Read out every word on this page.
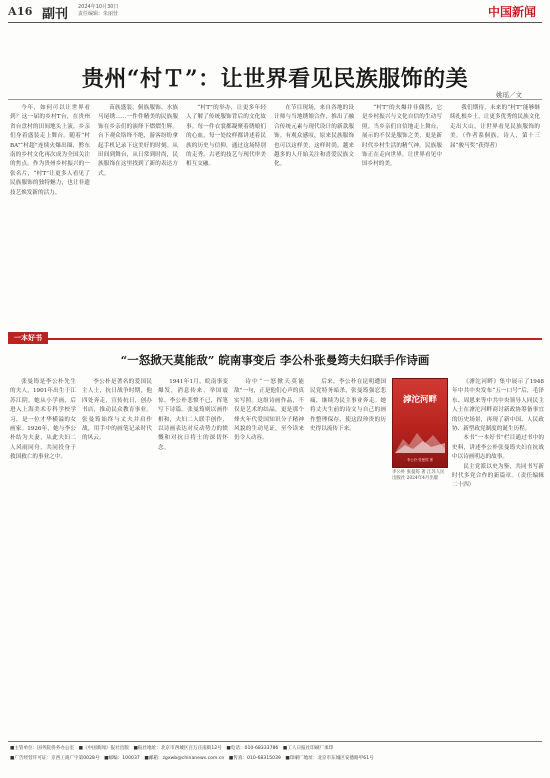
A16 副刊 2024年10月30日
责任编辑：朱丽营	中国新闻
贵州“村Ｔ”：让世界看见民族服饰的美
姚瑶／文

今年，如何可以让世界看到？这一届的乡村T台，在贵州省台盘村的田间地头上演，乡亲们身着盛装走上舞台。随着“村BA”“村超”连续火爆出圈，黔东南的乡村文化再次成为全国关注的焦点。作为贵州乡村振兴的一张名片，“村T”让更多人看见了民族服饰的独特魅力，也让非遗技艺焕发新的活力。

苗族盛装、侗族服饰、水族马尾绣……一件件精美的民族服饰在乡亲们的演绎下熠熠生辉。台下观众络绎不绝，游客纷纷拿起手机记录下这美好的时刻。从田间到舞台，从日常到时尚，民族服饰在这里找到了新的表达方式。

“村T”的举办，让更多年轻人了解了传统服饰背后的文化故事。每一件衣裳都凝聚着绣娘们的心血，每一处纹样都讲述着民族的历史与信仰。通过这场特别的走秀，古老的技艺与现代审美相互交融。

在节目现场，来自各地的设计师与当地绣娘合作，推出了融合传统元素与现代设计的新款服饰。有观众感叹，原来民族服饰也可以这样美，这样时尚。越来越多的人开始关注和喜爱民族文化。

“村T”的火爆并非偶然，它是乡村振兴与文化自信的生动写照。当乡亲们自信地走上舞台，展示的不仅是服饰之美，更是新时代乡村生活的精气神。民族服饰正在走向世界，让世界看见中国乡村的美。

我们期待，未来的“村T”能够继续扎根乡土，让更多优秀的民族文化走出大山，让世界看见民族服饰的美。（作者系侗族，诗人，第十三届“骏马奖”获得者）

一本好书
“一怒掀天莫能敌” 皖南事变后 李公朴张曼筠夫妇联手作诗画

张曼筠是李公朴先生的夫人，1901年出生于江苏江阴。她从小学画，后进入上海美术专科学校学习，是一位才华横溢的女画家。1926年，她与李公朴结为夫妻，从此夫妇二人风雨同舟，共同投身于救国救亡的事业之中。

李公朴是著名的爱国民主人士，抗日战争时期，他四处奔走，宣传抗日，创办书店，推动民众教育事业。张曼筠始终与丈夫并肩作战，用手中的画笔记录时代的风云。

1941年1月，皖南事变爆发，消息传来，举国震惊。李公朴悲愤不已，挥笔写下诗篇。张曼筠则以画作相和，夫妇二人联手创作，以诗画表达对反动势力的愤慨和对抗日将士的深切怀念。

诗中“一怒掀天莫能敌”一句，正是他们心声的真实写照。这组诗画作品，不仅是艺术的结晶，更是那个烽火年代爱国知识分子精神风貌的生动见证，至今读来仍令人动容。

后来，李公朴在昆明遭国民党特务暗杀，张曼筠强忍悲痛，继续为民主事业奔走。她将丈夫生前的诗文与自己的画作整理保存，使这段珍贵的历史得以流传下来。

滹沱河畔
李公朴 张曼筠 著
李公朴 张曼筠 著 江苏人民出版社 2024年4月出版

《滹沱河畔》集中展示了1948年中共中央发布“五一口号”后，毛泽东、周恩来等中共中央领导人同民主人士在滹沱河畔商讨新政协筹备事宜的历史场景，再现了新中国、人民政协、新型政党制度的诞生历程。

本书“一本好书”栏目通过书中的史料，讲述李公朴张曼筠夫妇在抗战中以诗画明志的故事。

民主党派以史为鉴，共同书写新时代多党合作的新篇章。（责任编辑二十四）

■主管单位：国务院侨务办公室　■《中国新闻》报社出版　■报社地址：北京市西城区百万庄南街12号　■电话：010-68333786　■工人日报社印刷厂承印
■广告经营许可证：京西工商广字第0028号　■邮编：100037　■邮箱：zgxwb@chinanews.com.cn　■传真：010-68315039　■印刷厂地址：北京市东城区安德路甲61号
